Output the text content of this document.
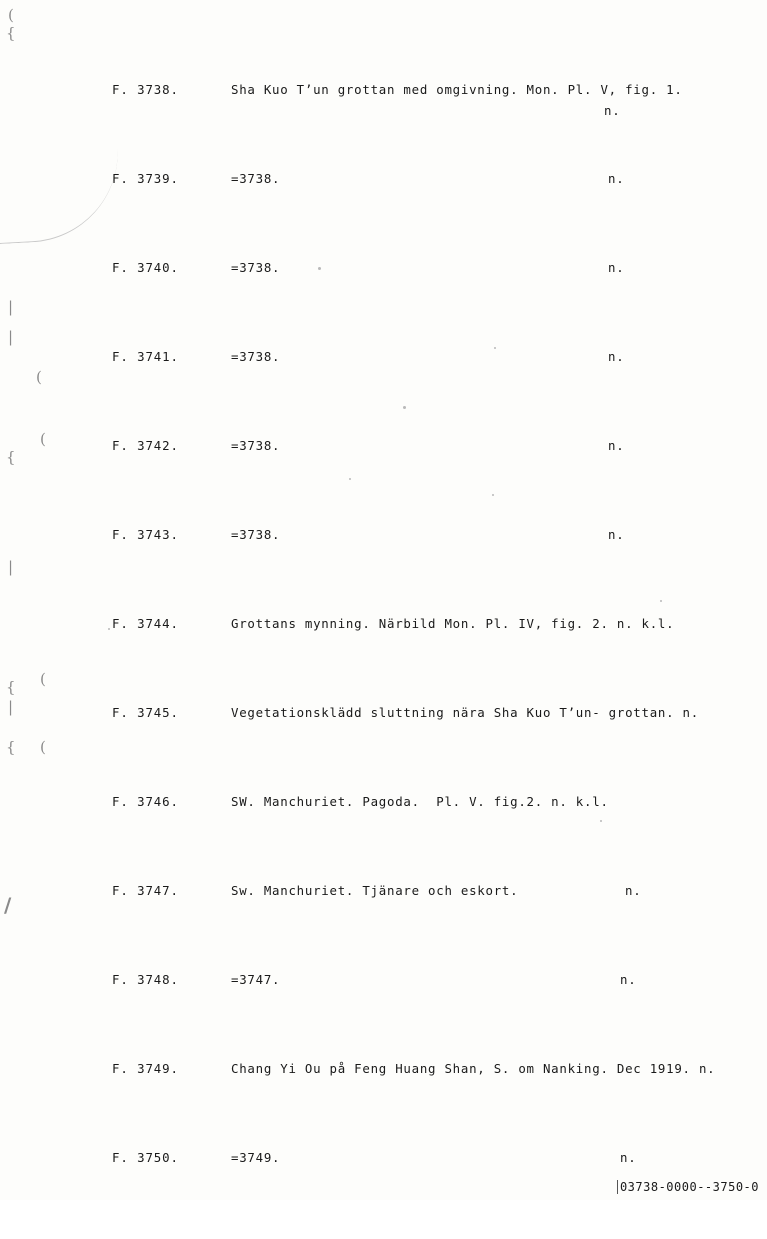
(
{
|
|
{
(
(
|
{ (
|
{ (
/
F. 3738.	Sha Kuo T’un grottan med omgivning. Mon. Pl. V, fig. 1.
n.
F. 3739.	=3738.	n.
F. 3740.	=3738.	n.
F. 3741.	=3738.	n.
F. 3742.	=3738.	n.
F. 3743.	=3738.	n.
F. 3744.	Grottans mynning. Närbild Mon. Pl. IV, fig. 2. n. k.l.
F. 3745.	Vegetationsklädd sluttning nära Sha Kuo T’un- grottan. n.
F. 3746.	SW. Manchuriet. Pagoda.  Pl. V. fig.2. n. k.l.
F. 3747.	Sw. Manchuriet. Tjänare och eskort.	n.
F. 3748.	=3747.	n.
F. 3749.	Chang Yi Ou på Feng Huang Shan, S. om Nanking. Dec 1919. n.
F. 3750.	=3749.	n.
03738-0000--3750-0
